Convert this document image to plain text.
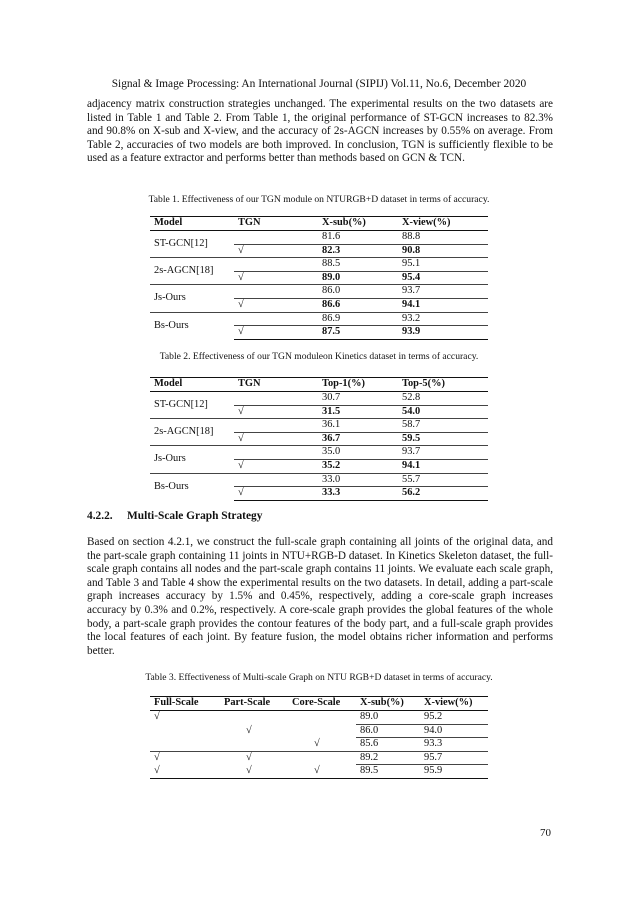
Signal & Image Processing: An International Journal (SIPIJ) Vol.11, No.6, December 2020

adjacency matrix construction strategies unchanged. The experimental results on the two datasets are listed in Table 1 and Table 2. From Table 1, the original performance of ST-GCN increases to 82.3% and 90.8% on X-sub and X-view, and the accuracy of 2s-AGCN increases by 0.55% on average. From Table 2, accuracies of two models are both improved. In conclusion, TGN is sufficiently flexible to be used as a feature extractor and performs better than methods based on GCN & TCN.

Table 1. Effectiveness of our TGN module on NTURGB+D dataset in terms of accuracy.

Model	TGN	X-sub(%)	X-view(%)
ST-GCN[12]		81.6	88.8
	√	82.3	90.8
2s-AGCN[18]		88.5	95.1
	√	89.0	95.4
Js-Ours		86.0	93.7
	√	86.6	94.1
Bs-Ours		86.9	93.2
	√	87.5	93.9

Table 2. Effectiveness of our TGN moduleon Kinetics dataset in terms of accuracy.

Model	TGN	Top-1(%)	Top-5(%)
ST-GCN[12]		30.7	52.8
	√	31.5	54.0
2s-AGCN[18]		36.1	58.7
	√	36.7	59.5
Js-Ours		35.0	93.7
	√	35.2	94.1
Bs-Ours		33.0	55.7
	√	33.3	56.2

4.2.2. Multi-Scale Graph Strategy

Based on section 4.2.1, we construct the full-scale graph containing all joints of the original data, and the part-scale graph containing 11 joints in NTU+RGB-D dataset. In Kinetics Skeleton dataset, the full-scale graph contains all nodes and the part-scale graph contains 11 joints. We evaluate each scale graph, and Table 3 and Table 4 show the experimental results on the two datasets. In detail, adding a part-scale graph increases accuracy by 1.5% and 0.45%, respectively, adding a core-scale graph increases accuracy by 0.3% and 0.2%, respectively. A core-scale graph provides the global features of the whole body, a part-scale graph provides the contour features of the body part, and a full-scale graph provides the local features of each joint. By feature fusion, the model obtains richer information and performs better.

Table 3. Effectiveness of Multi-scale Graph on NTU RGB+D dataset in terms of accuracy.

Full-Scale	Part-Scale	Core-Scale	X-sub(%)	X-view(%)
√			89.0	95.2
	√		86.0	94.0
		√	85.6	93.3
√	√		89.2	95.7
√	√	√	89.5	95.9
70
